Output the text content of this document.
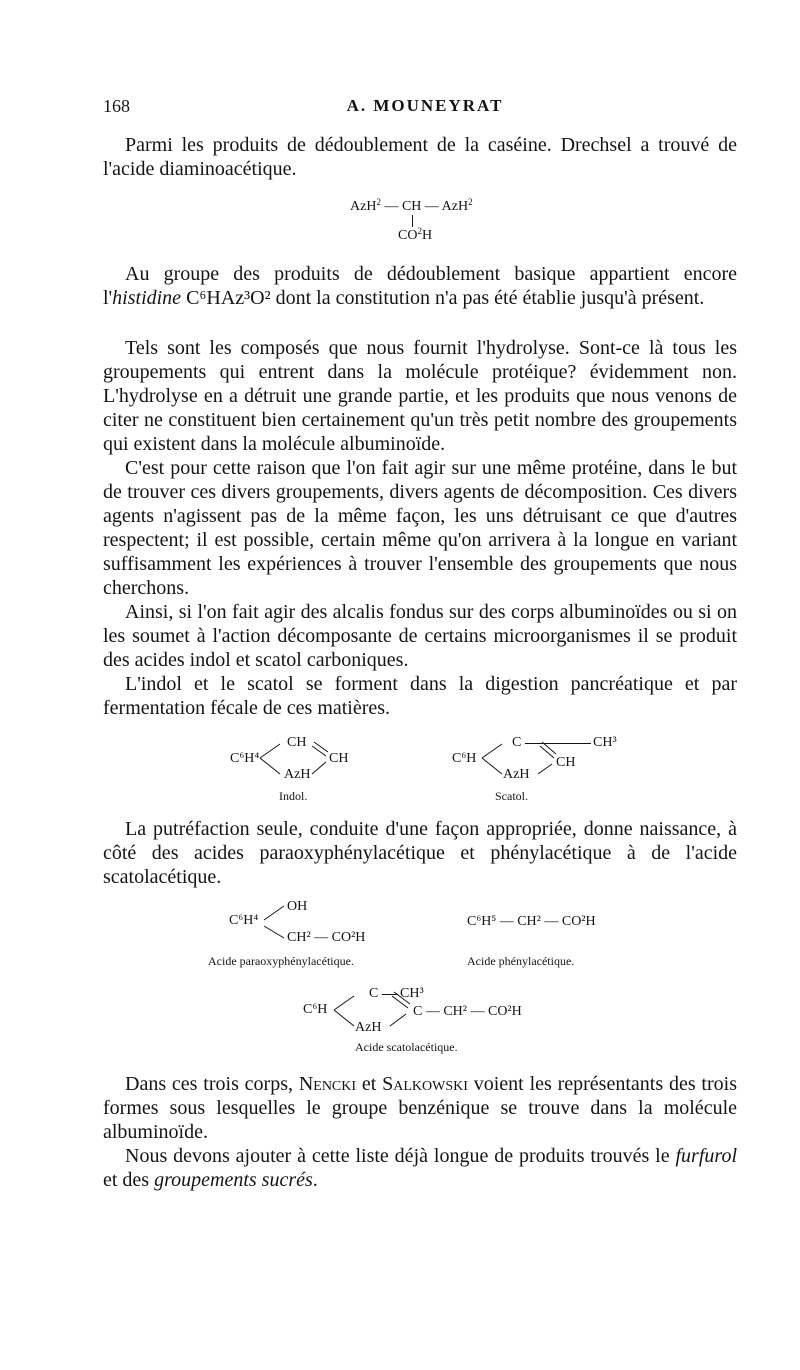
168	A. MOUNEYRAT

Parmi les produits de dédoublement de la caséine. Drechsel a trouvé de l'acide diaminoacétique.

AzH$^2$ — CH — AzH$^2$
$CO^2H$

Au groupe des produits de dédoublement basique appartient encore l'histidine C⁶HAz³O² dont la constitution n'a pas été établie jusqu'à présent.

Tels sont les composés que nous fournit l'hydrolyse. Sont-ce là tous les groupements qui entrent dans la molécule protéique? évidemment non. L'hydrolyse en a détruit une grande partie, et les produits que nous venons de citer ne constituent bien certainement qu'un très petit nombre des groupements qui existent dans la molécule albuminoïde.

C'est pour cette raison que l'on fait agir sur une même protéine, dans le but de trouver ces divers groupements, divers agents de décomposition. Ces divers agents n'agissent pas de la même façon, les uns détruisant ce que d'autres respectent; il est possible, certain même qu'on arrivera à la longue en variant suffisamment les expériences à trouver l'ensemble des groupements que nous cherchons.

Ainsi, si l'on fait agir des alcalis fondus sur des corps albuminoïdes ou si on les soumet à l'action décomposante de certains microorganismes il se produit des acides indol et scatol carboniques.

L'indol et le scatol se forment dans la digestion pancréatique et par fermentation fécale de ces matières.

C⁶H⁴
CH
CH
AzH
Indol.
C⁶H
C	CH³
CH
AzH
Scatol.

La putréfaction seule, conduite d'une façon appropriée, donne naissance, à côté des acides paraoxyphénylacétique et phénylacétique à de l'acide scatolacétique.

C⁶H⁴
OH
CH² — CO²H
Acide paraoxyphénylacétique.
C⁶H⁵ — CH² — CO²H
Acide phénylacétique.
C⁶H
C CH³
C — CH² — CO²H
AzH
Acide scatolacétique.

Dans ces trois corps, Nencki et Salkowski voient les représentants des trois formes sous lesquelles le groupe benzénique se trouve dans la molécule albuminoïde.

Nous devons ajouter à cette liste déjà longue de produits trouvés le furfurol et des groupements sucrés.
